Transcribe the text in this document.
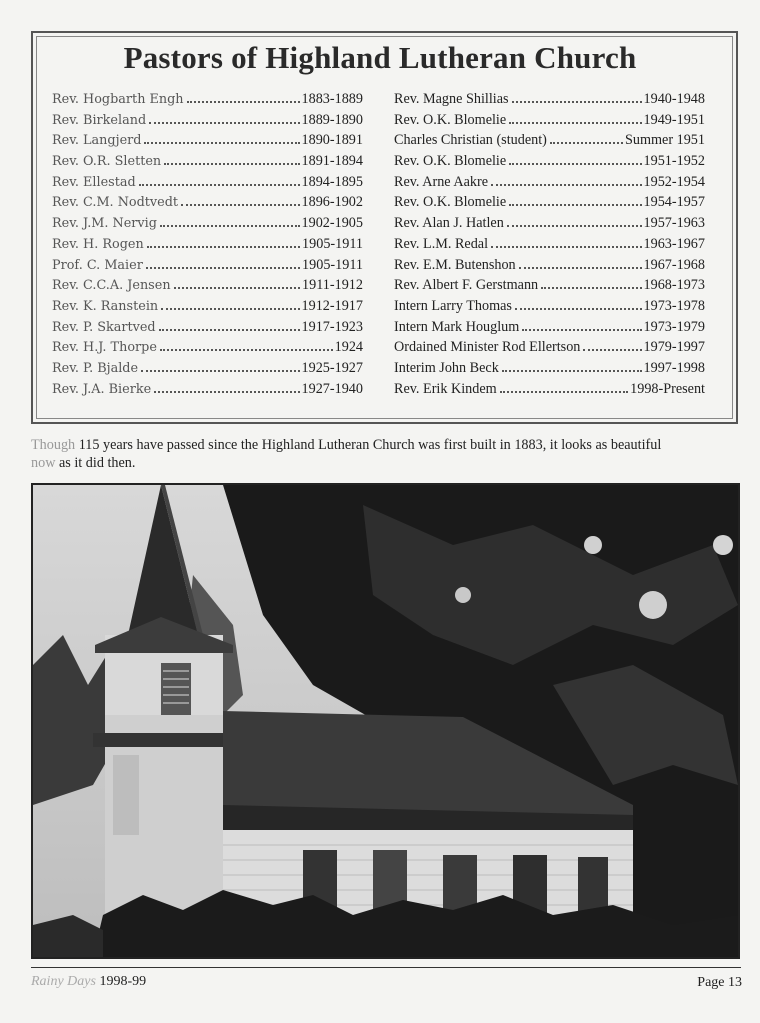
Pastors of Highland Lutheran Church
Rev. Hogbarth Engh	1883-1889
Rev. Birkeland	1889-1890
Rev. Langjerd	1890-1891
Rev. O.R. Sletten	1891-1894
Rev. Ellestad	1894-1895
Rev. C.M. Nodtvedt	1896-1902
Rev. J.M. Nervig	1902-1905
Rev. H. Rogen	1905-1911
Prof. C. Maier	1905-1911
Rev. C.C.A. Jensen	1911-1912
Rev. K. Ranstein	1912-1917
Rev. P. Skartved	1917-1923
Rev. H.J. Thorpe	1924
Rev. P. Bjalde	1925-1927
Rev. J.A. Bierke	1927-1940
Rev. Magne Shillias	1940-1948
Rev. O.K. Blomelie	1949-1951
Charles Christian (student)	Summer 1951
Rev. O.K. Blomelie	1951-1952
Rev. Arne Aakre	1952-1954
Rev. O.K. Blomelie	1954-1957
Rev. Alan J. Hatlen	1957-1963
Rev. L.M. Redal	1963-1967
Rev. E.M. Butenshon	1967-1968
Rev. Albert F. Gerstmann	1968-1973
Intern Larry Thomas	1973-1978
Intern Mark Houglum	1973-1979
Ordained Minister Rod Ellertson	1979-1997
Interim John Beck	1997-1998
Rev. Erik Kindem	1998-Present
Though 115 years have passed since the Highland Lutheran Church was first built in 1883, it looks as beautiful
now as it did then.
Rainy Days 1998-99	Page 13
